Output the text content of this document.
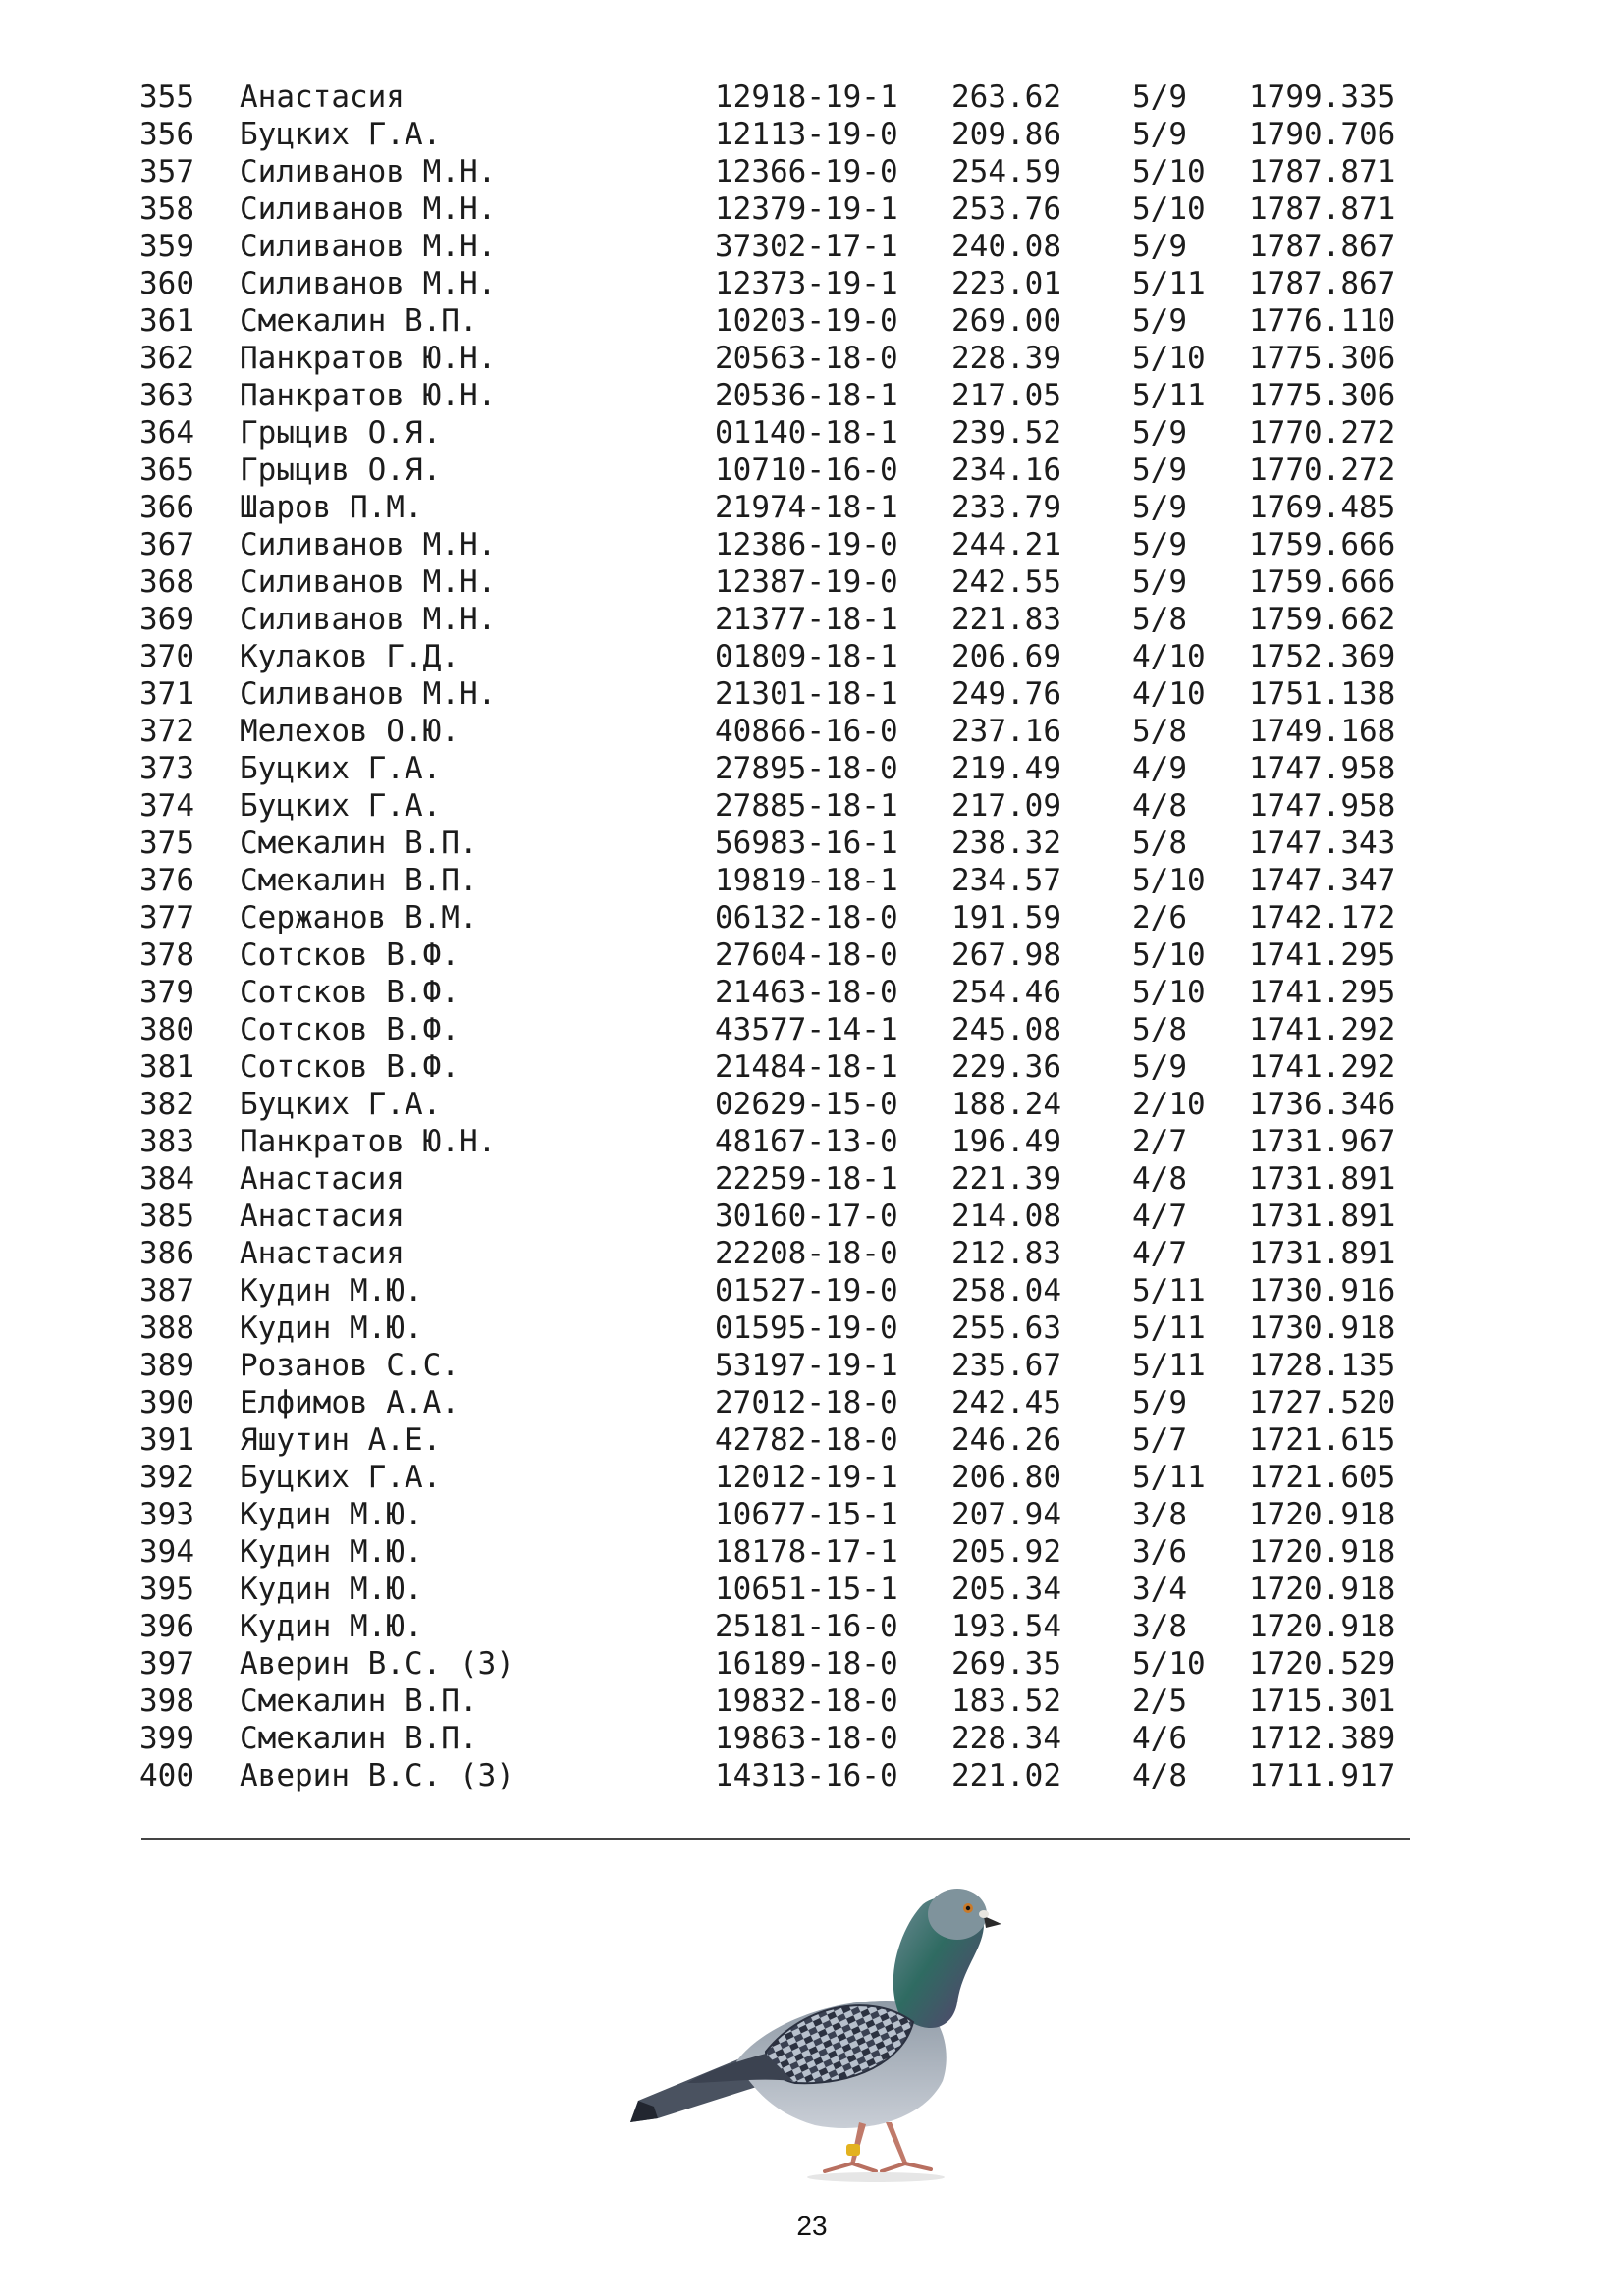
355 Анастасия	12918-19-1 263.62 5/9 1799.335
356 Буцких Г.А.	12113-19-0 209.86 5/9 1790.706
357 Силиванов М.Н.	12366-19-0 254.59 5/10 1787.871
358 Силиванов М.Н.	12379-19-1 253.76 5/10 1787.871
359 Силиванов М.Н.	37302-17-1 240.08 5/9 1787.867
360 Силиванов М.Н.	12373-19-1 223.01 5/11 1787.867
361 Смекалин В.П.	10203-19-0 269.00 5/9 1776.110
362 Панкратов Ю.Н.	20563-18-0 228.39 5/10 1775.306
363 Панкратов Ю.Н.	20536-18-1 217.05 5/11 1775.306
364 Грыцив О.Я.	01140-18-1 239.52 5/9 1770.272
365 Грыцив О.Я.	10710-16-0 234.16 5/9 1770.272
366 Шаров П.М.	21974-18-1 233.79 5/9 1769.485
367 Силиванов М.Н.	12386-19-0 244.21 5/9 1759.666
368 Силиванов М.Н.	12387-19-0 242.55 5/9 1759.666
369 Силиванов М.Н.	21377-18-1 221.83 5/8 1759.662
370 Кулаков Г.Д.	01809-18-1 206.69 4/10 1752.369
371 Силиванов М.Н.	21301-18-1 249.76 4/10 1751.138
372 Мелехов О.Ю.	40866-16-0 237.16 5/8 1749.168
373 Буцких Г.А.	27895-18-0 219.49 4/9 1747.958
374 Буцких Г.А.	27885-18-1 217.09 4/8 1747.958
375 Смекалин В.П.	56983-16-1 238.32 5/8 1747.343
376 Смекалин В.П.	19819-18-1 234.57 5/10 1747.347
377 Сержанов В.М.	06132-18-0 191.59 2/6 1742.172
378 Сотсков В.Ф.	27604-18-0 267.98 5/10 1741.295
379 Сотсков В.Ф.	21463-18-0 254.46 5/10 1741.295
380 Сотсков В.Ф.	43577-14-1 245.08 5/8 1741.292
381 Сотсков В.Ф.	21484-18-1 229.36 5/9 1741.292
382 Буцких Г.А.	02629-15-0 188.24 2/10 1736.346
383 Панкратов Ю.Н.	48167-13-0 196.49 2/7 1731.967
384 Анастасия	22259-18-1 221.39 4/8 1731.891
385 Анастасия	30160-17-0 214.08 4/7 1731.891
386 Анастасия	22208-18-0 212.83 4/7 1731.891
387 Кудин М.Ю.	01527-19-0 258.04 5/11 1730.916
388 Кудин М.Ю.	01595-19-0 255.63 5/11 1730.918
389 Розанов С.С.	53197-19-1 235.67 5/11 1728.135
390 Елфимов А.А.	27012-18-0 242.45 5/9 1727.520
391 Яшутин А.Е.	42782-18-0 246.26 5/7 1721.615
392 Буцких Г.А.	12012-19-1 206.80 5/11 1721.605
393 Кудин М.Ю.	10677-15-1 207.94 3/8 1720.918
394 Кудин М.Ю.	18178-17-1 205.92 3/6 1720.918
395 Кудин М.Ю.	10651-15-1 205.34 3/4 1720.918
396 Кудин М.Ю.	25181-16-0 193.54 3/8 1720.918
397 Аверин В.С. (З)	16189-18-0 269.35 5/10 1720.529
398 Смекалин В.П.	19832-18-0 183.52 2/5 1715.301
399 Смекалин В.П.	19863-18-0 228.34 4/6 1712.389
400 Аверин В.С. (З)	14313-16-0 221.02 4/8 1711.917
23
